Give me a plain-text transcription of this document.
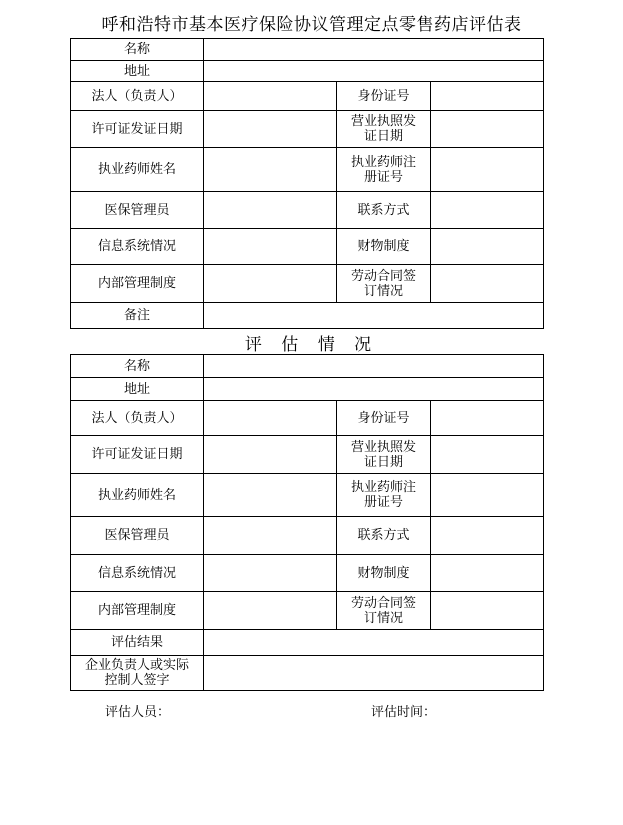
呼和浩特市基本医疗保险协议管理定点零售药店评估表
名称			
地址			
法人（负责人）		身份证号	
许可证发证日期		营业执照发
证日期	
执业药师姓名		执业药师注
册证号	
医保管理员		联系方式	
信息系统情况		财物制度	
内部管理制度		劳动合同签
订情况	
备注			
评 估 情 况
名称			
地址			
法人（负责人）		身份证号	
许可证发证日期		营业执照发
证日期	
执业药师姓名		执业药师注
册证号	
医保管理员		联系方式	
信息系统情况		财物制度	
内部管理制度		劳动合同签
订情况	
评估结果			
企业负责人或实际
控制人签字			
评估人员：	评估时间：
